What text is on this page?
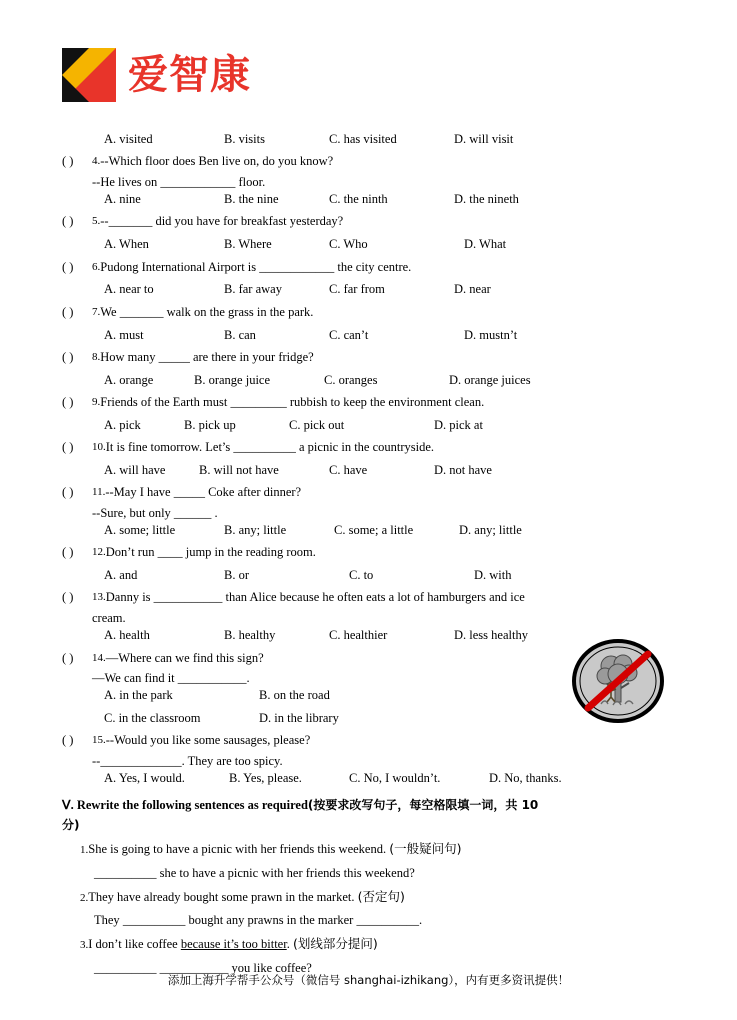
爱智康
A. visited	B. visits	C. has visited	D. will visit
( )	4. --Which floor does Ben live on, do you know?
--He lives on ____________ floor.
A. nine	B. the nine	C. the ninth	D. the nineth
( )	5. --_______ did you have for breakfast yesterday?
A. When	B. Where	C. Who	D. What
( )	6. Pudong International Airport is ____________ the city centre.
A. near to	B. far away	C. far from	D. near
( )	7. We _______ walk on the grass in the park.
A. must	B. can	C. can’t	D. mustn’t
( )	8. How many _____ are there in your fridge?
A. orange	B. orange juice	C. oranges	D. orange juices
( )	9. Friends of the Earth must _________ rubbish to keep the environment clean.
A. pick	B. pick up	C. pick out	D. pick at
( )	10. It is fine tomorrow. Let’s __________ a picnic in the countryside.
A. will have	B. will not have	C. have	D. not have
( )	11. --May I have _____ Coke after dinner?
--Sure, but only ______ .
A. some; little	B. any; little	C. some; a little	D. any; little
( )	12. Don’t run ____ jump in the reading room.
A. and	B. or	C. to	D. with
( )	13. Danny is ___________ than Alice because he often eats a lot of hamburgers and ice
cream.
A. health	B. healthy	C. healthier	D. less healthy
( )	14. —Where can we find this sign?
—We can find it ___________.
A. in the park	B. on the road
C. in the classroom	D. in the library
( )	15. --Would you like some sausages, please?
--_____________. They are too spicy.
A. Yes, I would.	B. Yes, please.	C. No, I wouldn’t.	D. No, thanks.
Ⅴ. Rewrite the following sentences as required(按要求改写句子，每空格限填一词，共 10
分)
1.She is going to have a picnic with her friends this weekend. (一般疑问句)
__________ she to have a picnic with her friends this weekend?
2.They have already bought some prawn in the market. (否定句)
They __________ bought any prawns in the marker __________.
3.I don’t like coffee because it’s too bitter. (划线部分提问)
__________ ___________ you like coffee?
添加上海升学帮手公众号（微信号 shanghai-izhikang），内有更多资讯提供！
